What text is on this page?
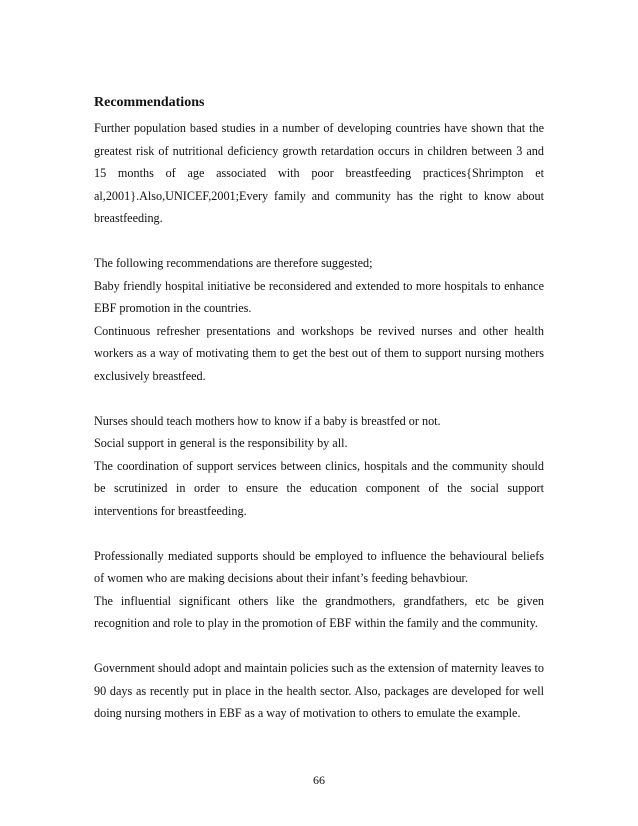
Recommendations

Further population based studies in a number of developing countries have shown that the greatest risk of nutritional deficiency growth retardation occurs in children between 3 and 15 months of age associated with poor breastfeeding practices{Shrimpton et al,2001}.Also,UNICEF,2001;Every family and community has the right to know about breastfeeding.

The following recommendations are therefore suggested;

Baby friendly hospital initiative be reconsidered and extended to more hospitals to enhance EBF promotion in the countries.

Continuous refresher presentations and workshops be revived nurses and other health workers as a way of motivating them to get the best out of them to support nursing mothers exclusively breastfeed.

Nurses should teach mothers how to know if a baby is breastfed or not.

Social support in general is the responsibility by all.

The coordination of support services between clinics, hospitals and the community should be scrutinized in order to ensure the education component of the social support interventions for breastfeeding.

Professionally mediated supports should be employed to influence the behavioural beliefs of women who are making decisions about their infant’s feeding behavbiour.

The influential significant others like the grandmothers, grandfathers, etc be given recognition and role to play in the promotion of EBF within the family and the community.

Government should adopt and maintain policies such as the extension of maternity leaves to 90 days as recently put in place in the health sector. Also, packages are developed for well doing nursing mothers in EBF as a way of motivation to others to emulate the example.

66
